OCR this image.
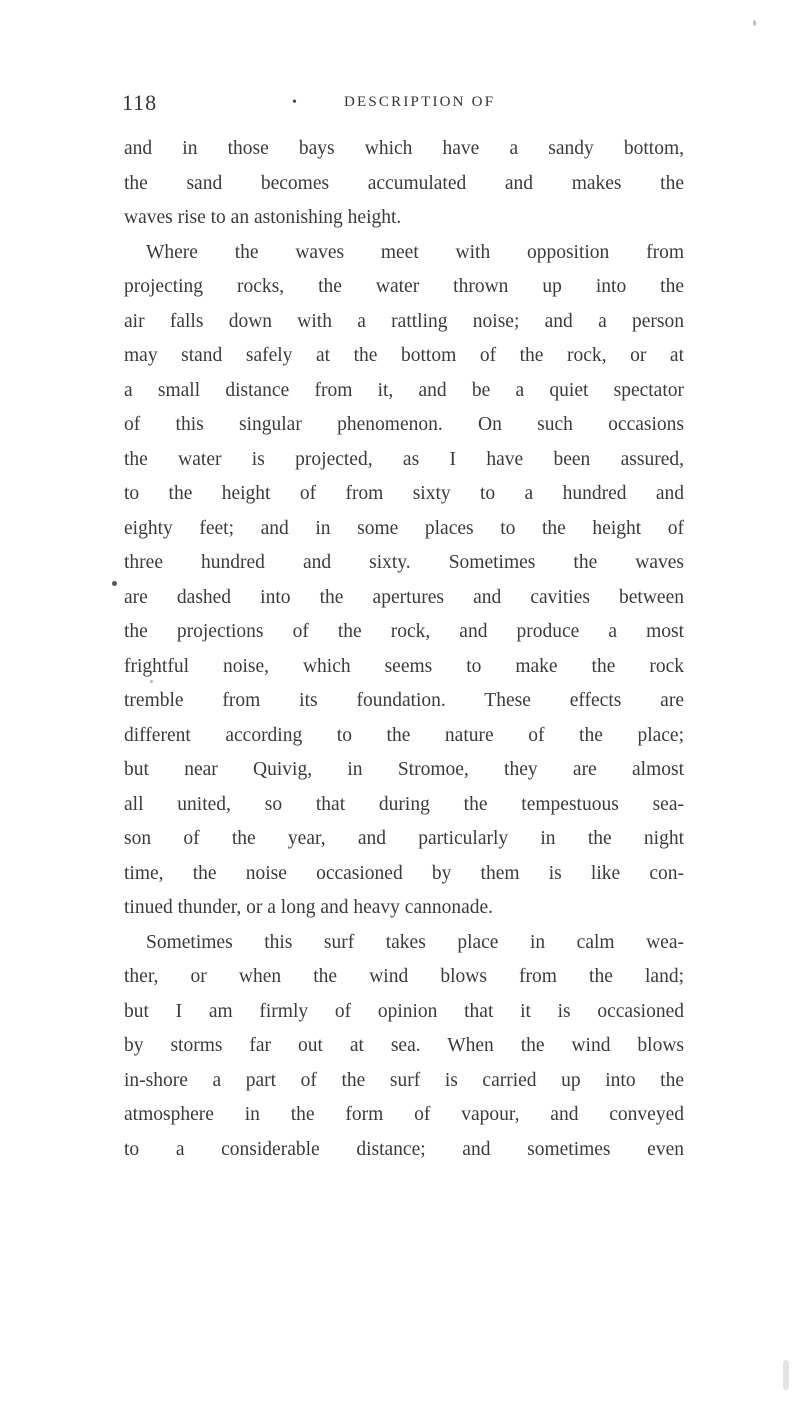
118	•	DESCRIPTION OF
and in those bays which have a sandy bottom,
the sand becomes accumulated and makes the
waves rise to an astonishing height.
Where the waves meet with opposition from
projecting rocks, the water thrown up into the
air falls down with a rattling noise; and a person
may stand safely at the bottom of the rock, or at
a small distance from it, and be a quiet spectator
of this singular phenomenon. On such occasions
the water is projected, as I have been assured,
to the height of from sixty to a hundred and
eighty feet; and in some places to the height of
three hundred and sixty. Sometimes the waves
are dashed into the apertures and cavities between
the projections of the rock, and produce a most
frightful noise, which seems to make the rock
tremble from its foundation. These effects are
different according to the nature of the place;
but near Quivig, in Stromoe, they are almost
all united, so that during the tempestuous sea-
son of the year, and particularly in the night
time, the noise occasioned by them is like con-
tinued thunder, or a long and heavy cannonade.
Sometimes this surf takes place in calm wea-
ther, or when the wind blows from the land;
but I am firmly of opinion that it is occasioned
by storms far out at sea. When the wind blows
in-shore a part of the surf is carried up into the
atmosphere in the form of vapour, and conveyed
to a considerable distance; and sometimes even
